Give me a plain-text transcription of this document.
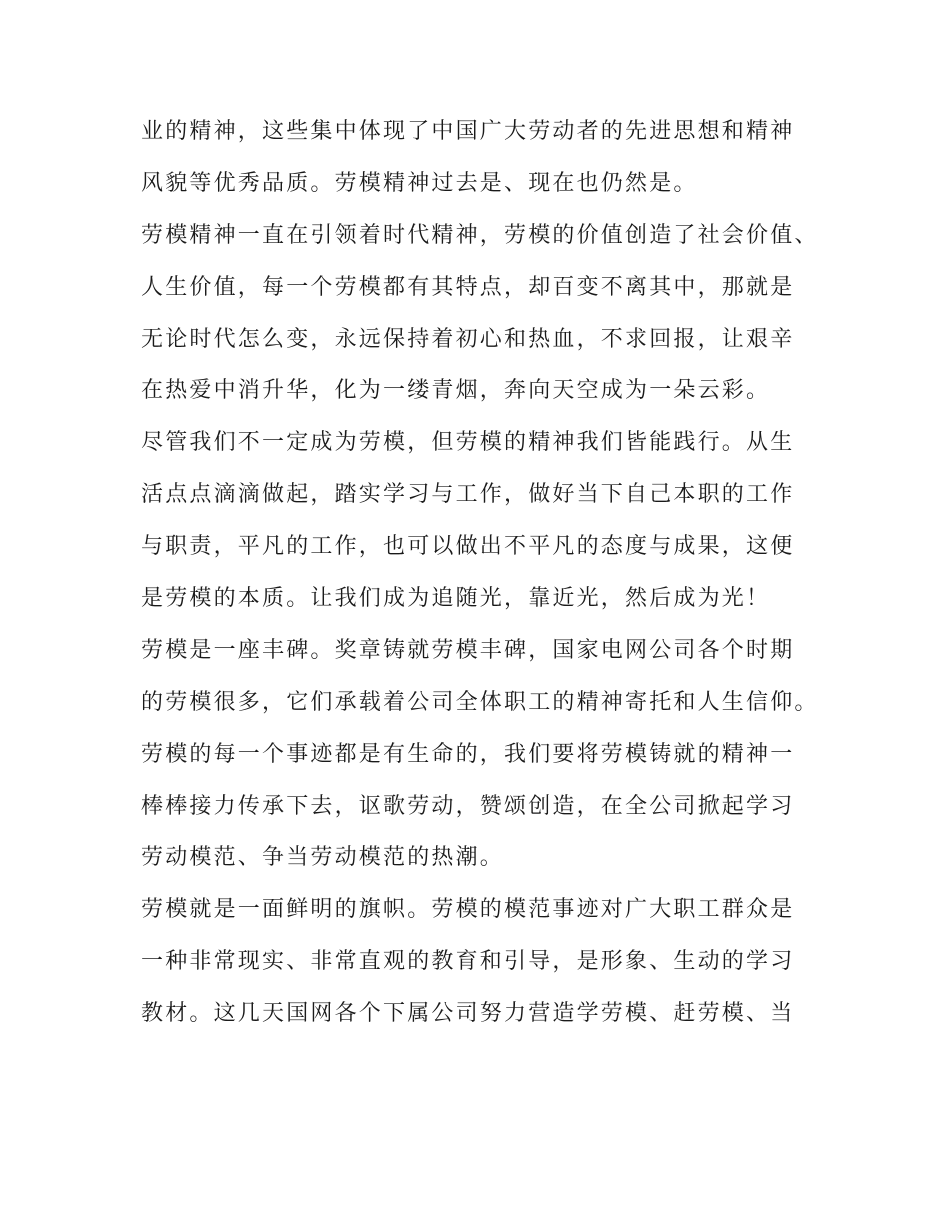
业的精神，这些集中体现了中国广大劳动者的先进思想和精神
风貌等优秀品质。劳模精神过去是、现在也仍然是。
劳模精神一直在引领着时代精神，劳模的价值创造了社会价值、
人生价值，每一个劳模都有其特点，却百变不离其中，那就是
无论时代怎么变，永远保持着初心和热血，不求回报，让艰辛
在热爱中消升华，化为一缕青烟，奔向天空成为一朵云彩。
尽管我们不一定成为劳模，但劳模的精神我们皆能践行。从生
活点点滴滴做起，踏实学习与工作，做好当下自己本职的工作
与职责，平凡的工作，也可以做出不平凡的态度与成果，这便
是劳模的本质。让我们成为追随光，靠近光，然后成为光！
劳模是一座丰碑。奖章铸就劳模丰碑，国家电网公司各个时期
的劳模很多，它们承载着公司全体职工的精神寄托和人生信仰。
劳模的每一个事迹都是有生命的，我们要将劳模铸就的精神一
棒棒接力传承下去，讴歌劳动，赞颂创造，在全公司掀起学习
劳动模范、争当劳动模范的热潮。
劳模就是一面鲜明的旗帜。劳模的模范事迹对广大职工群众是
一种非常现实、非常直观的教育和引导，是形象、生动的学习
教材。这几天国网各个下属公司努力营造学劳模、赶劳模、当
